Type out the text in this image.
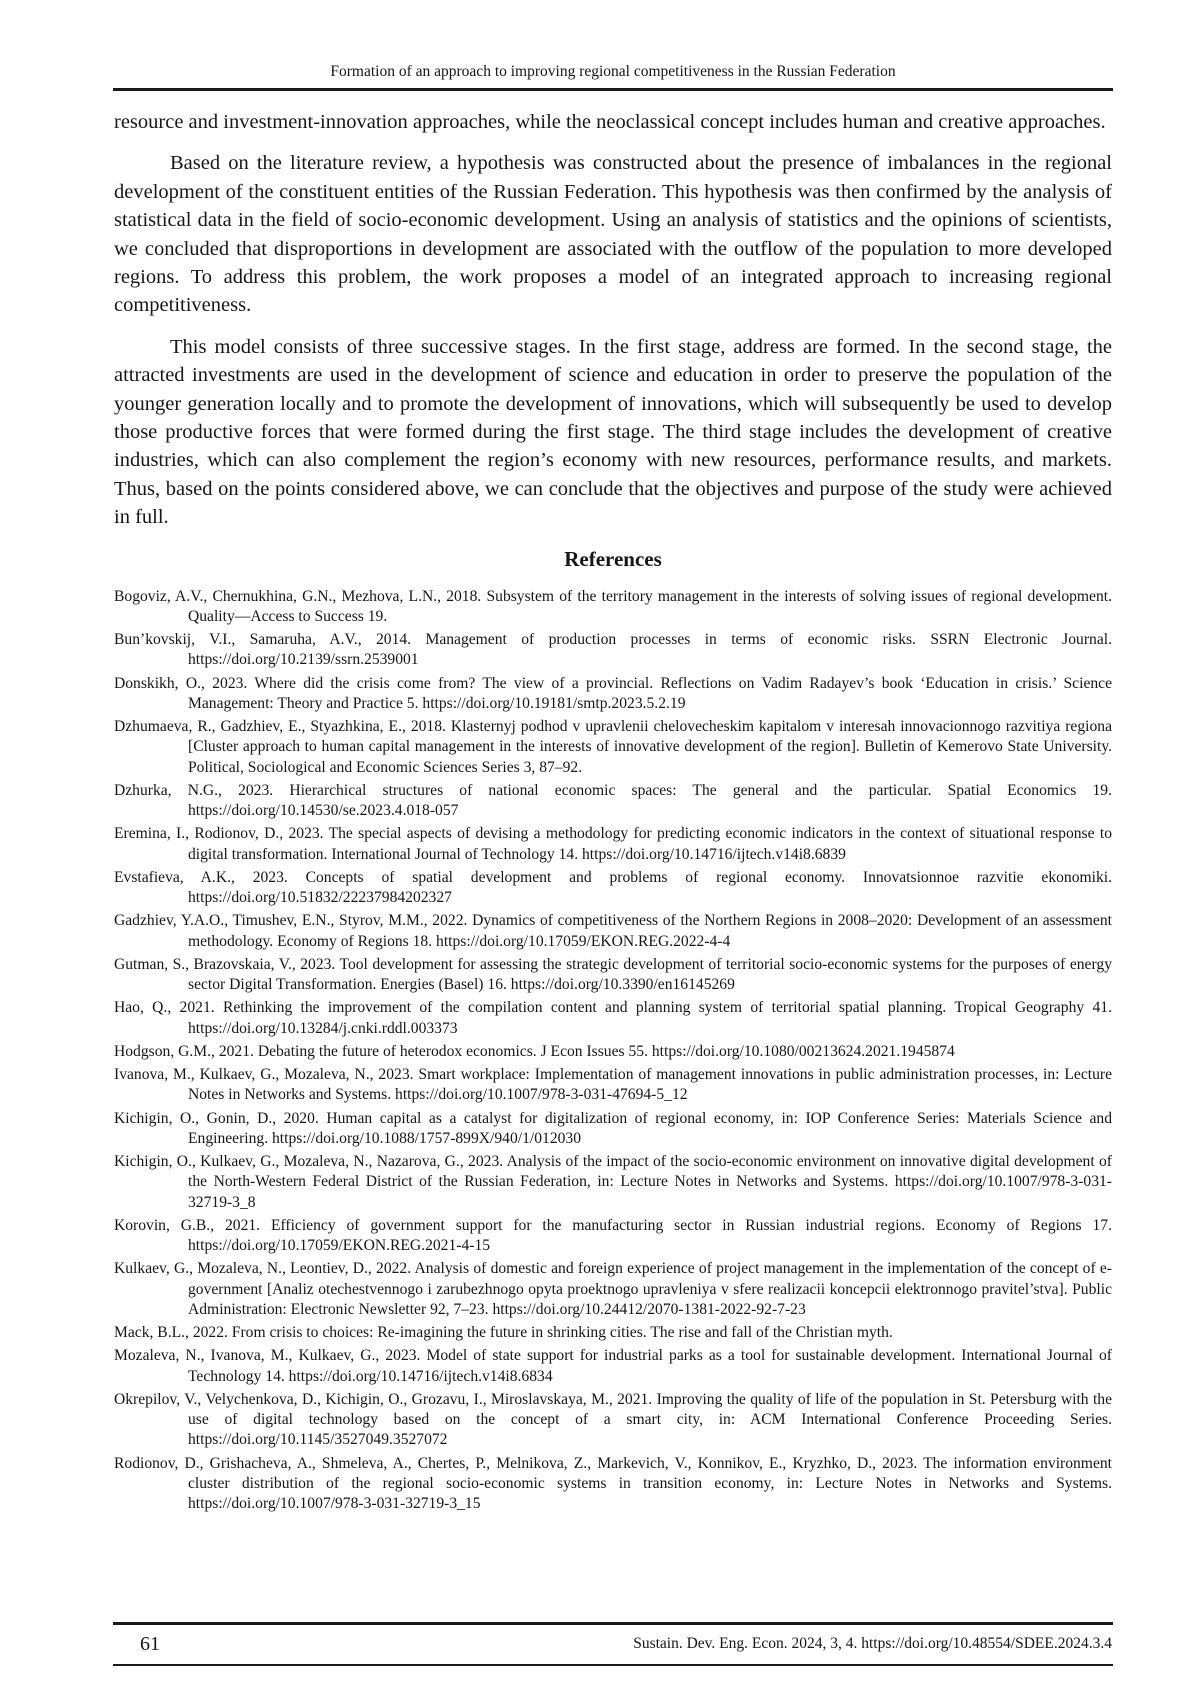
Formation of an approach to improving regional competitiveness in the Russian Federation

resource and investment-innovation approaches, while the neoclassical concept includes human and creative approaches.

Based on the literature review, a hypothesis was constructed about the presence of imbalances in the regional development of the constituent entities of the Russian Federation. This hypothesis was then confirmed by the analysis of statistical data in the field of socio-economic development. Using an analysis of statistics and the opinions of scientists, we concluded that disproportions in development are associated with the outflow of the population to more developed regions. To address this problem, the work proposes a model of an integrated approach to increasing regional competitiveness.

This model consists of three successive stages. In the first stage, address are formed. In the second stage, the attracted investments are used in the development of science and education in order to preserve the population of the younger generation locally and to promote the development of innovations, which will subsequently be used to develop those productive forces that were formed during the first stage. The third stage includes the development of creative industries, which can also complement the region’s economy with new resources, performance results, and markets. Thus, based on the points considered above, we can conclude that the objectives and purpose of the study were achieved in full.

References
Bogoviz, A.V., Chernukhina, G.N., Mezhova, L.N., 2018. Subsystem of the territory management in the interests of solving issues of regional development. Quality—Access to Success 19.
Bun’kovskij, V.I., Samaruha, A.V., 2014. Management of production processes in terms of economic risks. SSRN Electronic Journal. https://doi.org/10.2139/ssrn.2539001
Donskikh, O., 2023. Where did the crisis come from? The view of a provincial. Reflections on Vadim Radayev’s book ‘Education in crisis.’ Science Management: Theory and Practice 5. https://doi.org/10.19181/smtp.2023.5.2.19
Dzhumaeva, R., Gadzhiev, E., Styazhkina, E., 2018. Klasternyj podhod v upravlenii chelovecheskim kapitalom v interesah innovacionnogo razvitiya regiona [Cluster approach to human capital management in the interests of innovative development of the region]. Bulletin of Kemerovo State University. Political, Sociological and Economic Sciences Series 3, 87–92.
Dzhurka, N.G., 2023. Hierarchical structures of national economic spaces: The general and the particular. Spatial Economics 19. https://doi.org/10.14530/se.2023.4.018-057
Eremina, I., Rodionov, D., 2023. The special aspects of devising a methodology for predicting economic indicators in the context of situational response to digital transformation. International Journal of Technology 14. https://doi.org/10.14716/ijtech.v14i8.6839
Evstafieva, A.K., 2023. Concepts of spatial development and problems of regional economy. Innovatsionnoe razvitie ekonomiki. https://doi.org/10.51832/22237984202327
Gadzhiev, Y.A.O., Timushev, E.N., Styrov, M.M., 2022. Dynamics of competitiveness of the Northern Regions in 2008–2020: Development of an assessment methodology. Economy of Regions 18. https://doi.org/10.17059/EKON.REG.2022-4-4
Gutman, S., Brazovskaia, V., 2023. Tool development for assessing the strategic development of territorial socio-economic systems for the purposes of energy sector Digital Transformation. Energies (Basel) 16. https://doi.org/10.3390/en16145269
Hao, Q., 2021. Rethinking the improvement of the compilation content and planning system of territorial spatial planning. Tropical Geography 41. https://doi.org/10.13284/j.cnki.rddl.003373
Hodgson, G.M., 2021. Debating the future of heterodox economics. J Econ Issues 55. https://doi.org/10.1080/00213624.2021.1945874
Ivanova, M., Kulkaev, G., Mozaleva, N., 2023. Smart workplace: Implementation of management innovations in public administration processes, in: Lecture Notes in Networks and Systems. https://doi.org/10.1007/978-3-031-47694-5_12
Kichigin, O., Gonin, D., 2020. Human capital as a catalyst for digitalization of regional economy, in: IOP Conference Series: Materials Science and Engineering. https://doi.org/10.1088/1757-899X/940/1/012030
Kichigin, O., Kulkaev, G., Mozaleva, N., Nazarova, G., 2023. Analysis of the impact of the socio-economic environment on innovative digital development of the North-Western Federal District of the Russian Federation, in: Lecture Notes in Networks and Systems. https://doi.org/10.1007/978-3-031-32719-3_8
Korovin, G.B., 2021. Efficiency of government support for the manufacturing sector in Russian industrial regions. Economy of Regions 17. https://doi.org/10.17059/EKON.REG.2021-4-15
Kulkaev, G., Mozaleva, N., Leontiev, D., 2022. Analysis of domestic and foreign experience of project management in the implementation of the concept of e-government [Analiz otechestvennogo i zarubezhnogo opyta proektnogo upravleniya v sfere realizacii koncepcii elektronnogo pravitel’stva]. Public Administration: Electronic Newsletter 92, 7–23. https://doi.org/10.24412/2070-1381-2022-92-7-23
Mack, B.L., 2022. From crisis to choices: Re-imagining the future in shrinking cities. The rise and fall of the Christian myth.
Mozaleva, N., Ivanova, M., Kulkaev, G., 2023. Model of state support for industrial parks as a tool for sustainable development. International Journal of Technology 14. https://doi.org/10.14716/ijtech.v14i8.6834
Okrepilov, V., Velychenkova, D., Kichigin, O., Grozavu, I., Miroslavskaya, M., 2021. Improving the quality of life of the population in St. Petersburg with the use of digital technology based on the concept of a smart city, in: ACM International Conference Proceeding Series. https://doi.org/10.1145/3527049.3527072
Rodionov, D., Grishacheva, A., Shmeleva, A., Chertes, P., Melnikova, Z., Markevich, V., Konnikov, E., Kryzhko, D., 2023. The information environment cluster distribution of the regional socio-economic systems in transition economy, in: Lecture Notes in Networks and Systems. https://doi.org/10.1007/978-3-031-32719-3_15
61	Sustain. Dev. Eng. Econ. 2024, 3, 4. https://doi.org/10.48554/SDEE.2024.3.4
